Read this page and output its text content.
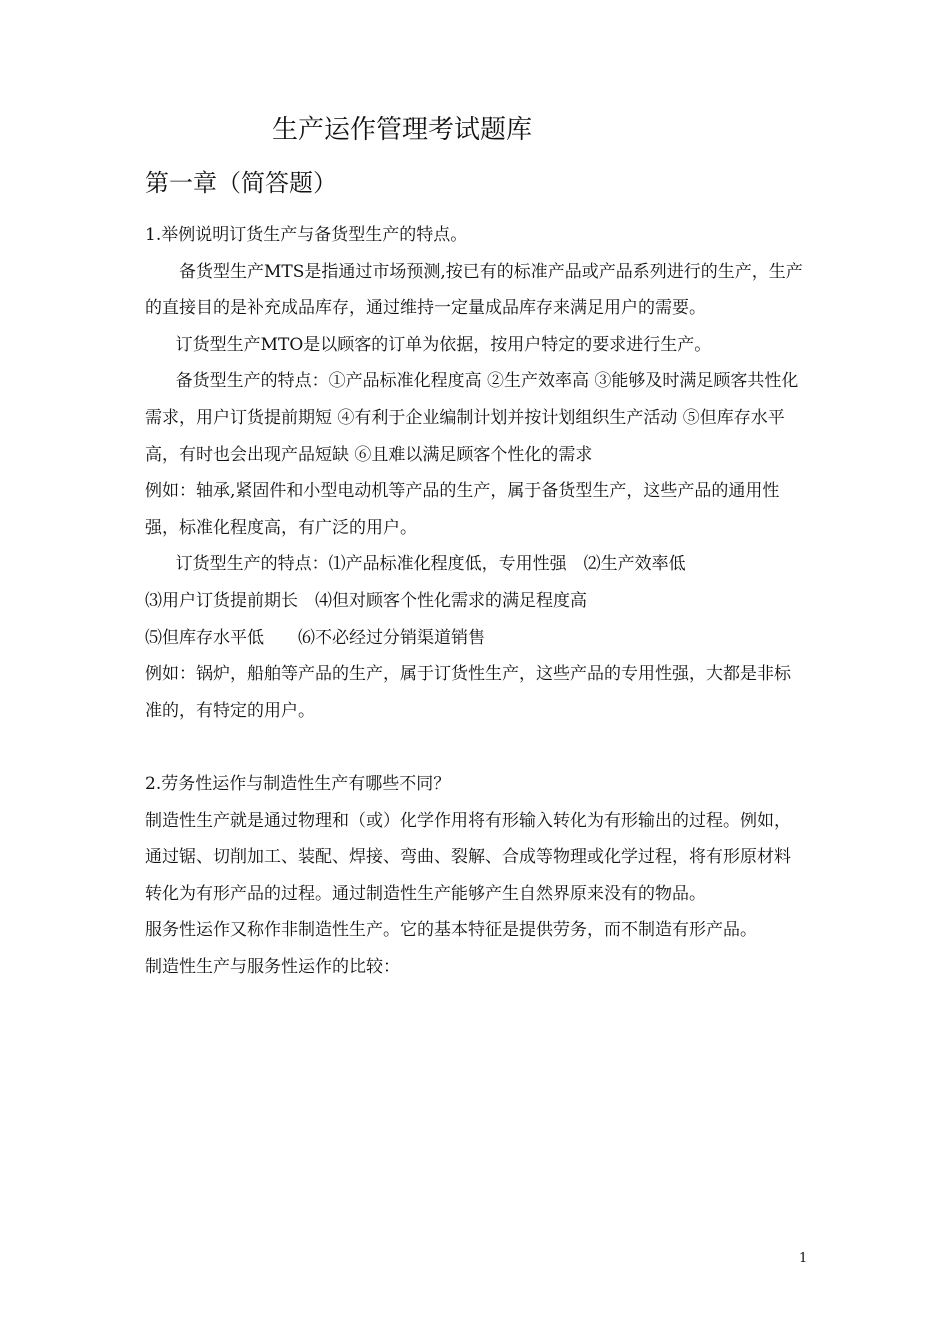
生产运作管理考试题库
第一章（简答题）

1.举例说明订货生产与备货型生产的特点。

备货型生产MTS是指通过市场预测,按已有的标准产品或产品系列进行的生产，生产的直接目的是补充成品库存，通过维持一定量成品库存来满足用户的需要。

订货型生产MTO是以顾客的订单为依据，按用户特定的要求进行生产。

备货型生产的特点：①产品标准化程度高 ②生产效率高 ③能够及时满足顾客共性化需求，用户订货提前期短 ④有利于企业编制计划并按计划组织生产活动 ⑤但库存水平高，有时也会出现产品短缺 ⑥且难以满足顾客个性化的需求

例如：轴承,紧固件和小型电动机等产品的生产，属于备货型生产，这些产品的通用性强，标准化程度高，有广泛的用户。

订货型生产的特点：⑴产品标准化程度低，专用性强　⑵生产效率低

⑶用户订货提前期长　⑷但对顾客个性化需求的满足程度高

⑸但库存水平低　　⑹不必经过分销渠道销售

例如：锅炉，船舶等产品的生产，属于订货性生产，这些产品的专用性强，大都是非标准的，有特定的用户。

2.劳务性运作与制造性生产有哪些不同？

制造性生产就是通过物理和（或）化学作用将有形输入转化为有形输出的过程。例如，通过锯、切削加工、装配、焊接、弯曲、裂解、合成等物理或化学过程，将有形原材料转化为有形产品的过程。通过制造性生产能够产生自然界原来没有的物品。

服务性运作又称作非制造性生产。它的基本特征是提供劳务，而不制造有形产品。

制造性生产与服务性运作的比较：

1
